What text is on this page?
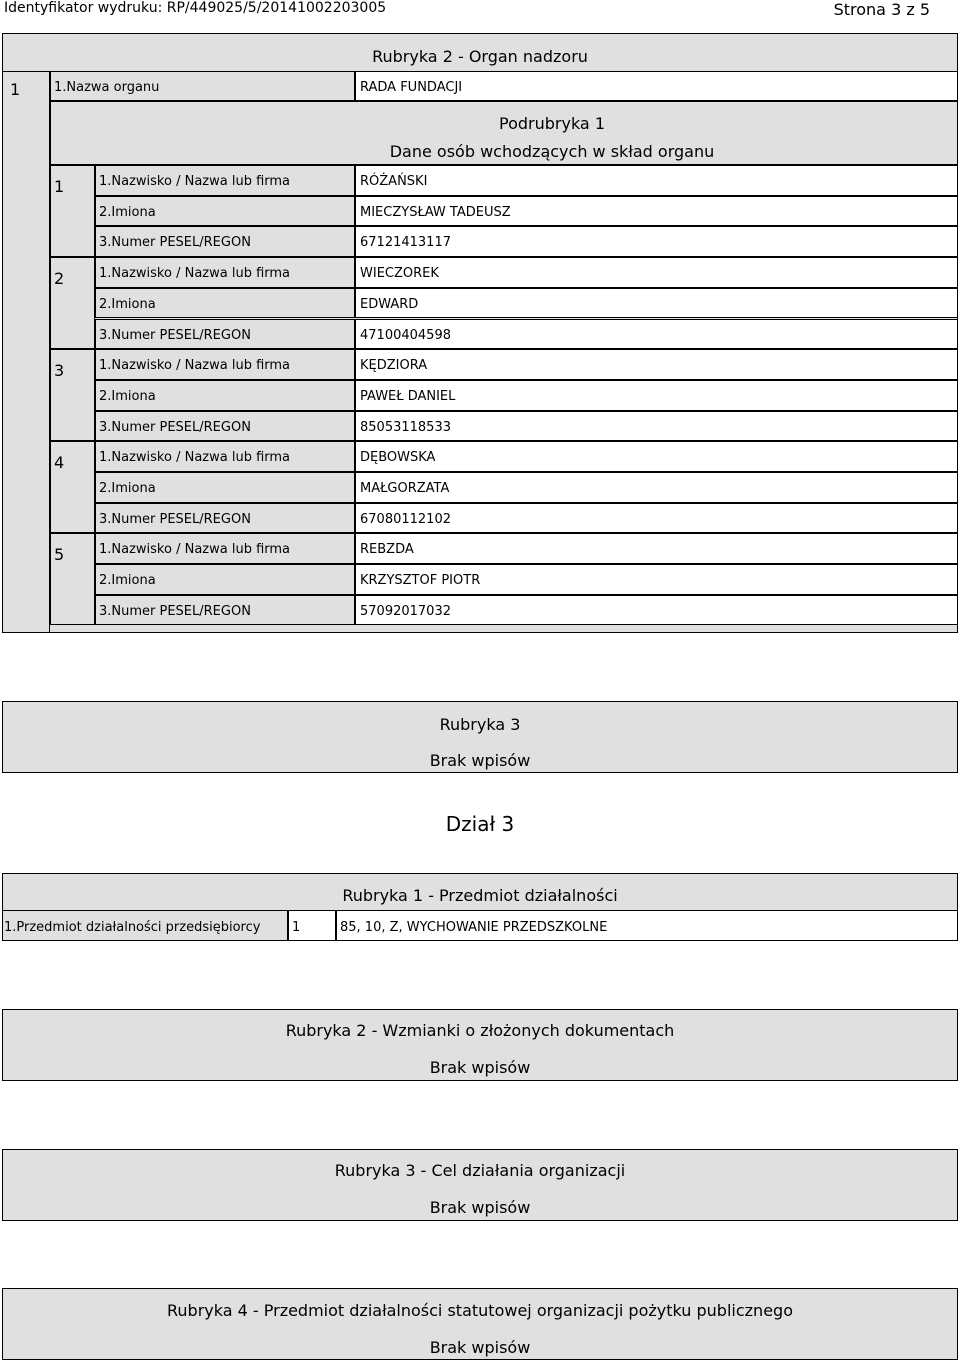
Identyfikator wydruku: RP/449025/5/20141002203005	Strona 3 z 5
Rubryka 2 - Organ nadzoru
1	1.Nazwa organu	RADA FUNDACJI
Podrubryka 1
Dane osób wchodzących w skład organu
1	1.Nazwisko / Nazwa lub firma	RÓŻAŃSKI
2.Imiona	MIECZYSŁAW TADEUSZ
3.Numer PESEL/REGON	67121413117
2	1.Nazwisko / Nazwa lub firma	WIECZOREK
2.Imiona	EDWARD
3.Numer PESEL/REGON	47100404598
3	1.Nazwisko / Nazwa lub firma	KĘDZIORA
2.Imiona	PAWEŁ DANIEL
3.Numer PESEL/REGON	85053118533
4	1.Nazwisko / Nazwa lub firma	DĘBOWSKA
2.Imiona	MAŁGORZATA
3.Numer PESEL/REGON	67080112102
5	1.Nazwisko / Nazwa lub firma	REBZDA
2.Imiona	KRZYSZTOF PIOTR
3.Numer PESEL/REGON	57092017032
Rubryka 3
Brak wpisów
Dział 3
Rubryka 1 - Przedmiot działalności
1.Przedmiot działalności przedsiębiorcy 1	85, 10, Z, WYCHOWANIE PRZEDSZKOLNE
Rubryka 2 - Wzmianki o złożonych dokumentach
Brak wpisów
Rubryka 3 - Cel działania organizacji
Brak wpisów
Rubryka 4 - Przedmiot działalności statutowej organizacji pożytku publicznego
Brak wpisów
